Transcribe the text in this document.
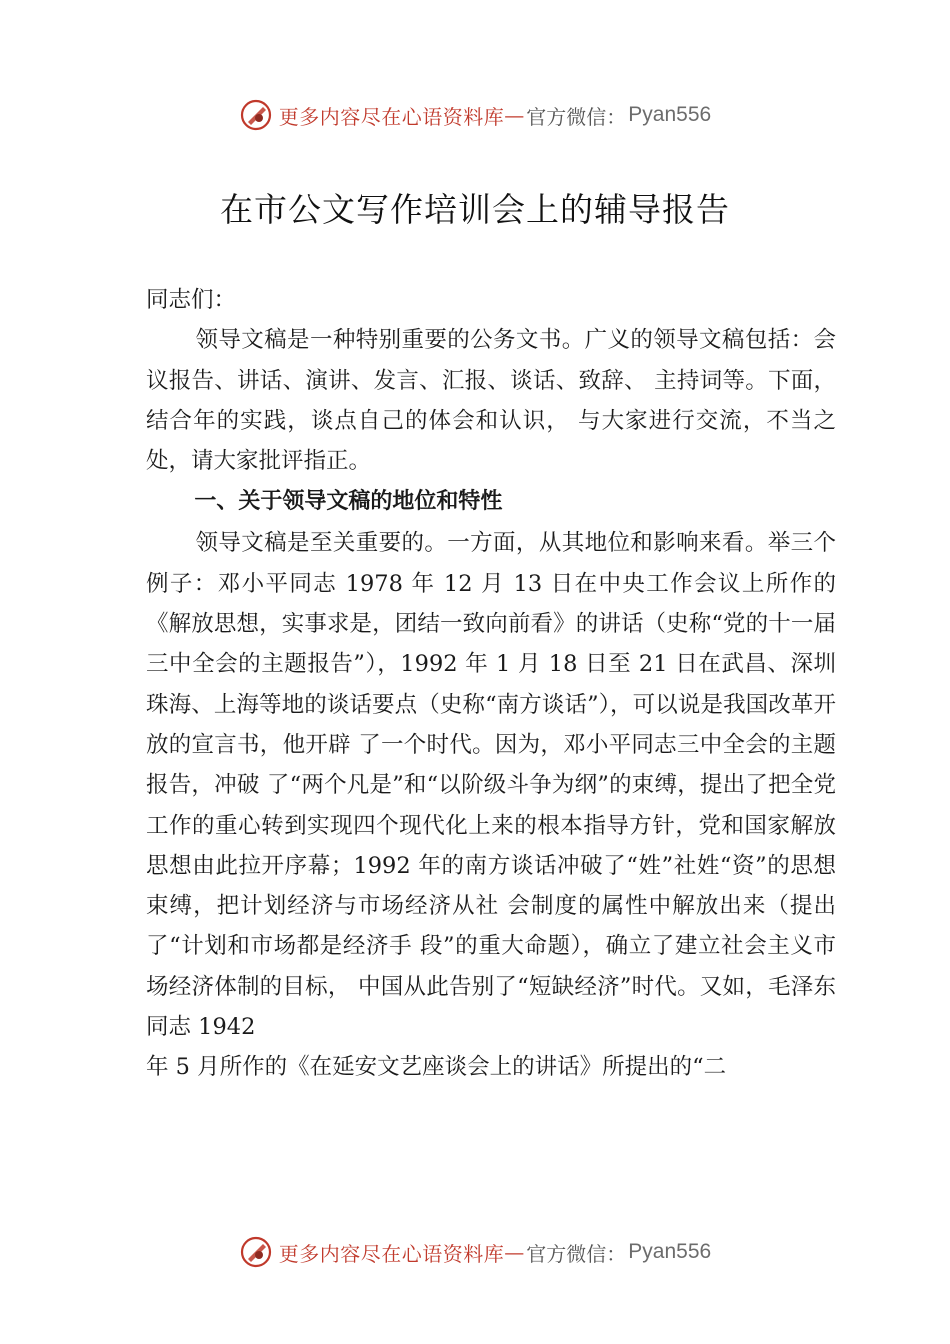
更多内容尽在心语资料库 — 官方微信： Pyan556
在市公文写作培训会上的辅导报告

同志们：

领导文稿是一种特别重要的公务文书。广义的领导文稿包括：会议报告、讲话、演讲、发言、汇报、谈话、致辞、 主持词等。下面，结合年的实践，谈点自己的体会和认识， 与大家进行交流，不当之处，请大家批评指正。

一、关于领导文稿的地位和特性

领导文稿是至关重要的。一方面，从其地位和影响来看。举三个例子：邓小平同志 1978 年 12 月 13 日在中央工作会议上所作的《解放思想，实事求是，团结一致向前看》的讲话（史称“党的十一届三中全会的主题报告”），1992 年 1 月 18 日至 21 日在武昌、深圳珠海、上海等地的谈话要点（史称“南方谈话”），可以说是我国改革开放的宣言书，他开辟 了一个时代。因为，邓小平同志三中全会的主题报告，冲破 了“两个凡是”和“以阶级斗争为纲”的束缚，提出了把全党工作的重心转到实现四个现代化上来的根本指导方针，党和国家解放思想由此拉开序幕；1992 年的南方谈话冲破了“姓”社姓“资”的思想束缚，把计划经济与市场经济从社 会制度的属性中解放出来（提出了“计划和市场都是经济手 段”的重大命题），确立了建立社会主义市场经济体制的目标， 中国从此告别了“短缺经济”时代。又如，毛泽东同志 1942

年 5 月所作的《在延安文艺座谈会上的讲话》所提出的“二

更多内容尽在心语资料库 — 官方微信： Pyan556
